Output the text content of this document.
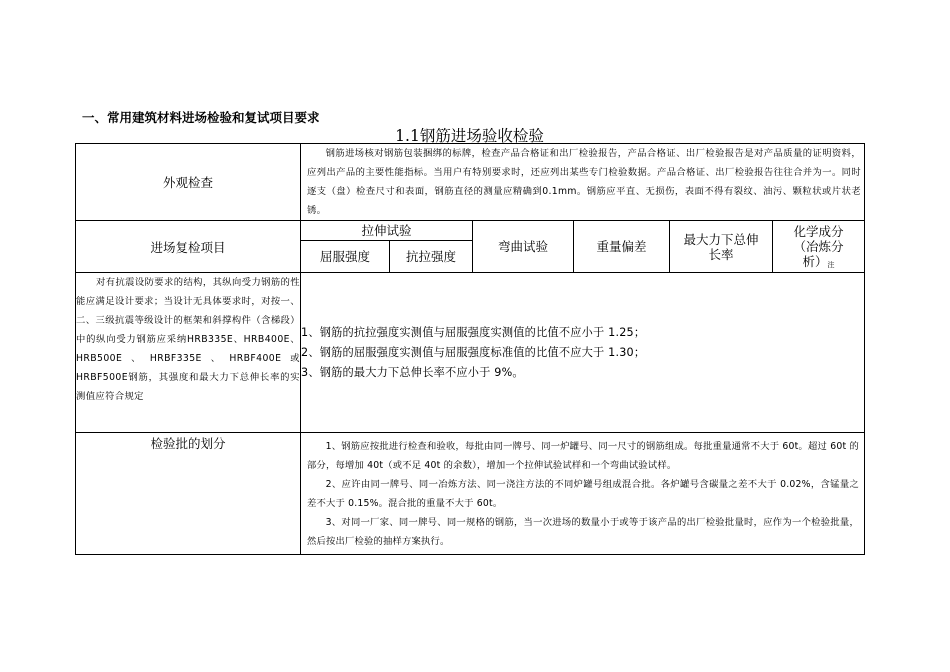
一、常用建筑材料进场检验和复试项目要求
1.1钢筋进场验收检验
外观检查	钢筋进场核对钢筋包装捆绑的标牌，检查产品合格证和出厂检验报告，产品合格证、出厂检验报告是对产品质量的证明资料，应列出产品的主要性能指标。当用户有特别要求时，还应列出某些专门检验数据。产品合格证、出厂检验报告往往合并为一。同时逐支（盘）检查尺寸和表面，钢筋直径的测量应精确到0.1mm。钢筋应平直、无损伤，表面不得有裂纹、油污、颗粒状或片状老锈。					

进场复检项目	拉伸试验		弯曲试验	重量偏差	最大力下总伸长率	化学成分（冶炼分析）$^注$
	屈服强度	抗拉强度				
对有抗震设防要求的结构，其纵向受力钢筋的性能应满足设计要求；当设计无具体要求时，对按一、二、三级抗震等级设计的框架和斜撑构件（含梯段）中的纵向受力钢筋应采纳HRB335E、HRB400E、HRB500E、HRBF335E、HRBF400E或HRBF500E钢筋，其强度和最大力下总伸长率的实测值应符合规定	1、钢筋的抗拉强度实测值与屈服强度实测值的比值不应小于 1.25；
2、钢筋的屈服强度实测值与屈服强度标准值的比值不应大于 1.30；
3、钢筋的最大力下总伸长率不应小于 9%。					

检验批的划分	1、钢筋应按批进行检查和验收，每批由同一牌号、同一炉罐号、同一尺寸的钢筋组成。每批重量通常不大于 60t。超过 60t 的部分，每增加 40t（或不足 40t 的余数），增加一个拉伸试验试样和一个弯曲试验试样。

2、应许由同一牌号、同一冶炼方法、同一浇注方法的不同炉罐号组成混合批。各炉罐号含碳量之差不大于 0.02%，含锰量之差不大于 0.15%。混合批的重量不大于 60t。

3、对同一厂家、同一牌号、同一规格的钢筋，当一次进场的数量小于或等于该产品的出厂检验批量时，应作为一个检验批量，然后按出厂检验的抽样方案执行。					
